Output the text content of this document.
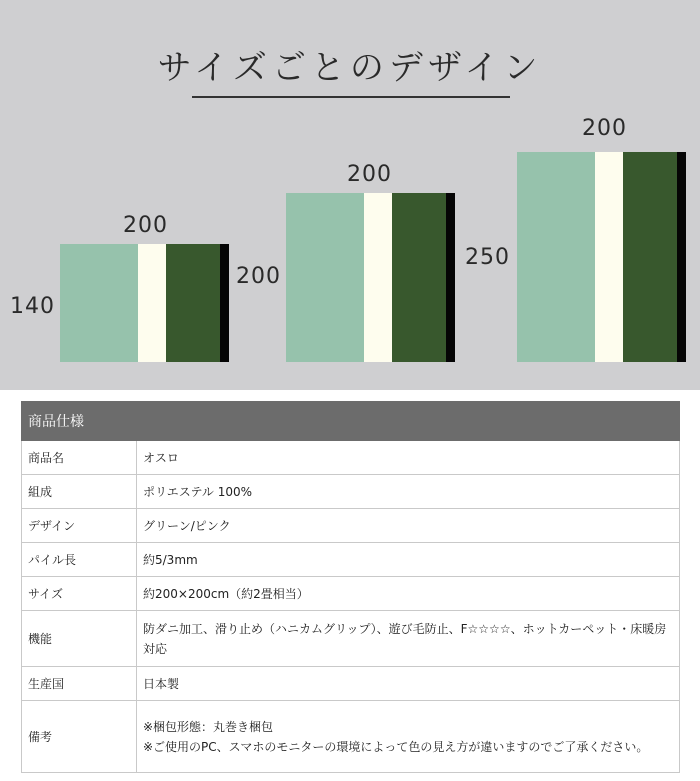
サイズごとのデザイン
200
140
200
200
200
250
商品仕様	
商品名	オスロ
組成	ポリエステル 100%
デザイン	グリーン/ピンク
パイル長	約5/3mm
サイズ	約200×200cm（約2畳相当）
機能	防ダニ加工、滑り止め（ハニカムグリップ）、遊び毛防止、F☆☆☆☆、ホットカーペット・床暖房対応
生産国	日本製
備考	※梱包形態：丸巻き梱包
※ご使用のPC、スマホのモニターの環境によって色の見え方が違いますのでご了承ください。
